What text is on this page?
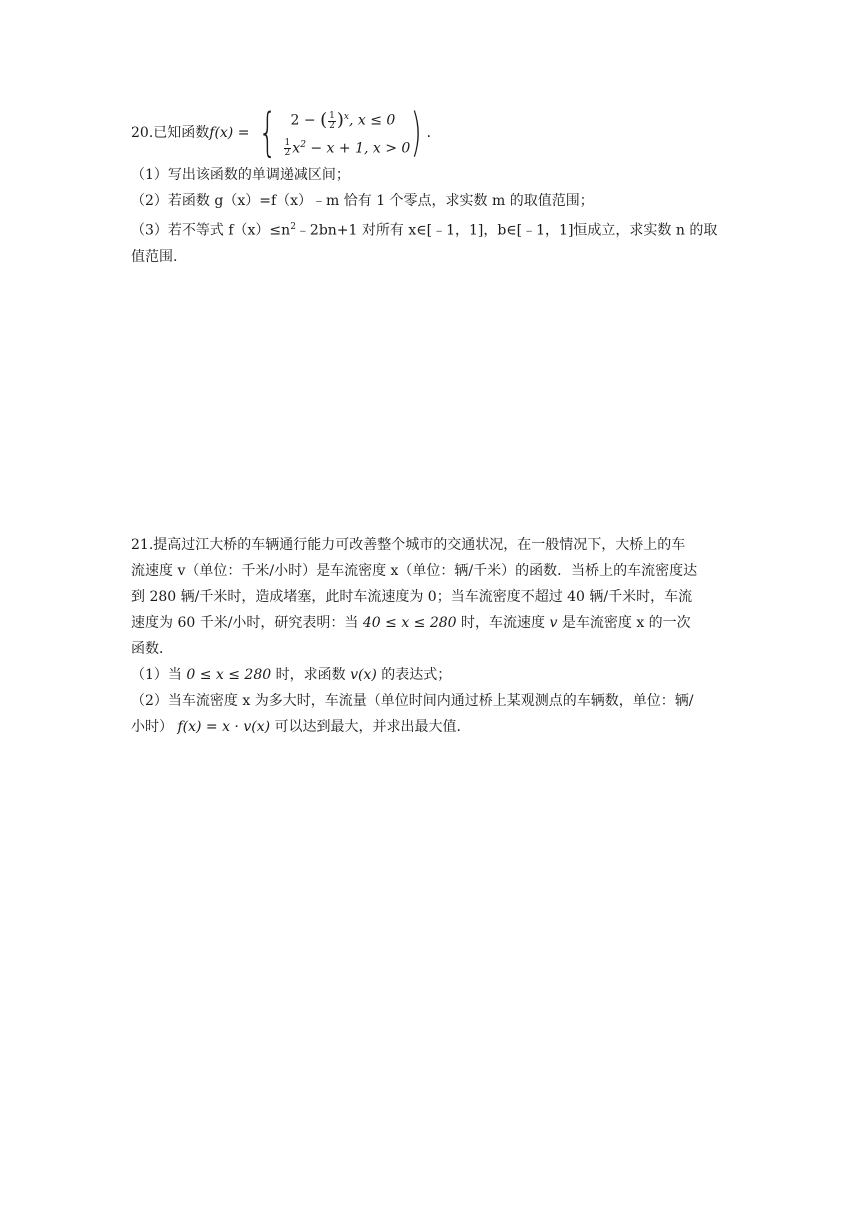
20. 已知函数 f(x) = { 2 − ( $\frac{1}{2} )^x$, x ≤ 0
$\frac{1}{2} x^2 - x + 1$, x > 0 ) ．
（1）写出该函数的单调递减区间；
（2）若函数 g（x）=f（x）﹣m 恰有 1 个零点，求实数 m 的取值范围；
（3）若不等式 $f(x)\le n^2﹣2bn+1$ 对所有 x∈[﹣1，1]，b∈[﹣1，1]恒成立，求实数 n 的取
值范围.
21.提高过江大桥的车辆通行能力可改善整个城市的交通状况，在一般情况下，大桥上的车
流速度 v（单位：千米/小时）是车流密度 x（单位：辆/千米）的函数．当桥上的车流密度达
到 280 辆/千米时，造成堵塞，此时车流速度为 0；当车流密度不超过 40 辆/千米时，车流
速度为 60 千米/小时，研究表明：当 40 ≤ x ≤ 280 时，车流速度 v 是车流密度 x 的一次
函数．
（1）当 0 ≤ x ≤ 280 时，求函数 v(x) 的表达式；
（2）当车流密度 x 为多大时，车流量（单位时间内通过桥上某观测点的车辆数，单位：辆/
小时） f(x) = x · v(x) 可以达到最大，并求出最大值．
